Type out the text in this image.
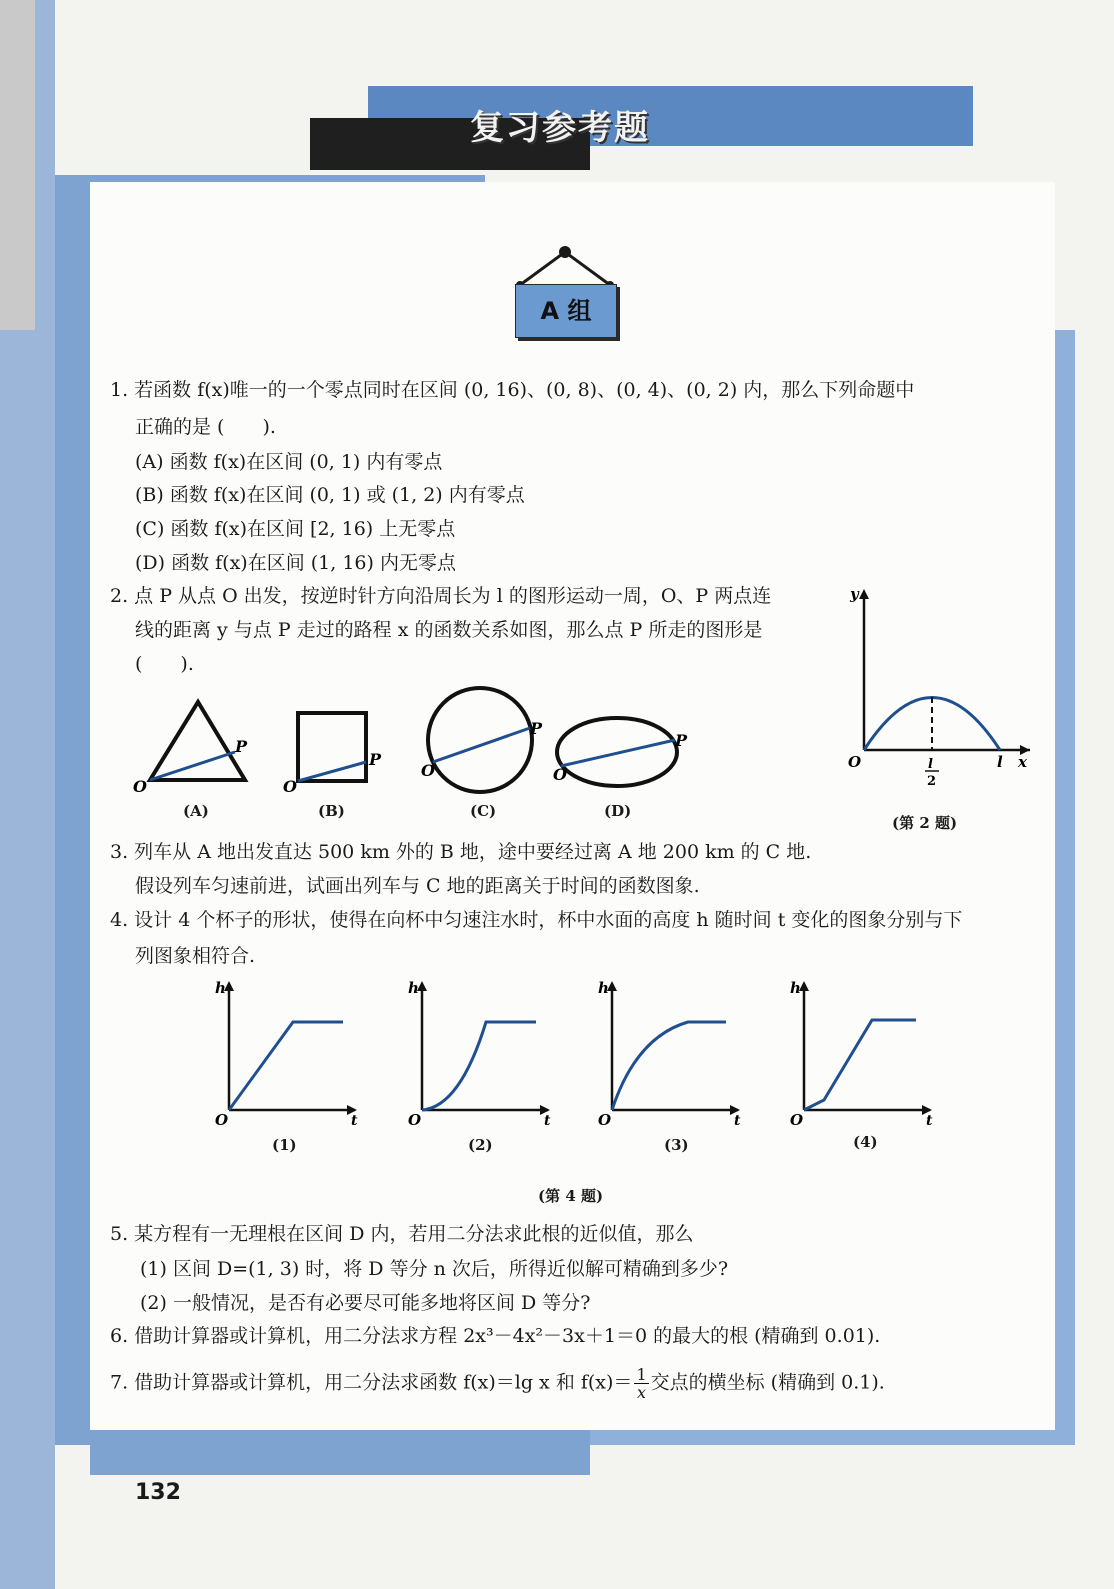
复习参考题
A 组
1. 若函数 f(x)唯一的一个零点同时在区间 (0, 16)、(0, 8)、(0, 4)、(0, 2) 内，那么下列命题中
正确的是 (　　).
(A) 函数 f(x)在区间 (0, 1) 内有零点
(B) 函数 f(x)在区间 (0, 1) 或 (1, 2) 内有零点
(C) 函数 f(x)在区间 [2, 16) 上无零点
(D) 函数 f(x)在区间 (1, 16) 内无零点
2. 点 P 从点 O 出发，按逆时针方向沿周长为 l 的图形运动一周，O、P 两点连
线的距离 y 与点 P 走过的路程 x 的函数关系如图，那么点 P 所走的图形是
(　　).
O
P
O
P
O
P
O
P
(A)	(B)	(C)	(D)
y
x
O	l
l
2
(第 2 题)
3. 列车从 A 地出发直达 500 km 外的 B 地，途中要经过离 A 地 200 km 的 C 地.
假设列车匀速前进，试画出列车与 C 地的距离关于时间的函数图象.
4. 设计 4 个杯子的形状，使得在向杯中匀速注水时，杯中水面的高度 h 随时间 t 变化的图象分别与下
列图象相符合.
h
t
O
h
t
O
h
t
O
h
t
O
(1)	(2)	(3)	(4)
(第 4 题)
5. 某方程有一无理根在区间 D 内，若用二分法求此根的近似值，那么
(1) 区间 D=(1, 3) 时，将 D 等分 n 次后，所得近似解可精确到多少?
(2) 一般情况，是否有必要尽可能多地将区间 D 等分?
6. 借助计算器或计算机，用二分法求方程 2x³－4x²－3x＋1＝0 的最大的根 (精确到 0.01).
7. 借助计算器或计算机，用二分法求函数 f(x)＝lg x 和 $f(x)= \frac{1}{x}$ 交点的横坐标 (精确到 0.1).
132
